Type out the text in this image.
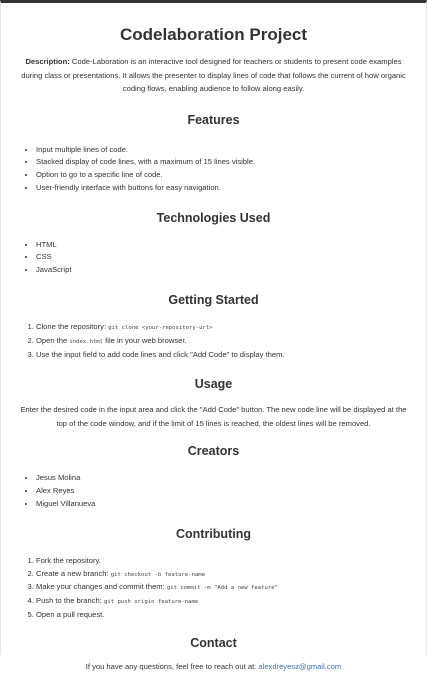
Codelaboration Project

Description: Code-Laboration is an interactive tool designed for teachers or students to present code examples during class or presentations. It allows the presenter to display lines of code that follows the current of how organic coding flows, enabling audience to follow along easily.

Features
• Input multiple lines of code.
• Stacked display of code lines, with a maximum of 15 lines visible.
• Option to go to a specific line of code.
• User-friendly interface with buttons for easy navigation.
Technologies Used
• HTML
• CSS
• JavaScript
Getting Started
1. Clone the repository: git clone <your-repository-url>
2. Open the index.html file in your web browser.
3. Use the input field to add code lines and click "Add Code" to display them.
Usage

Enter the desired code in the input area and click the "Add Code" button. The new code line will be displayed at the top of the code window, and if the limit of 15 lines is reached, the oldest lines will be removed.

Creators
• Jesus Molina
• Alex Reyes
• Miguel Villanueva
Contributing
1. Fork the repository.
2. Create a new branch: git checkout -b feature-name
3. Make your changes and commit them: git commit -m "Add a new feature"
4. Push to the branch: git push origin feature-name
5. Open a pull request.
Contact

If you have any questions, feel free to reach out at: alexdreyesz@gmail.com
